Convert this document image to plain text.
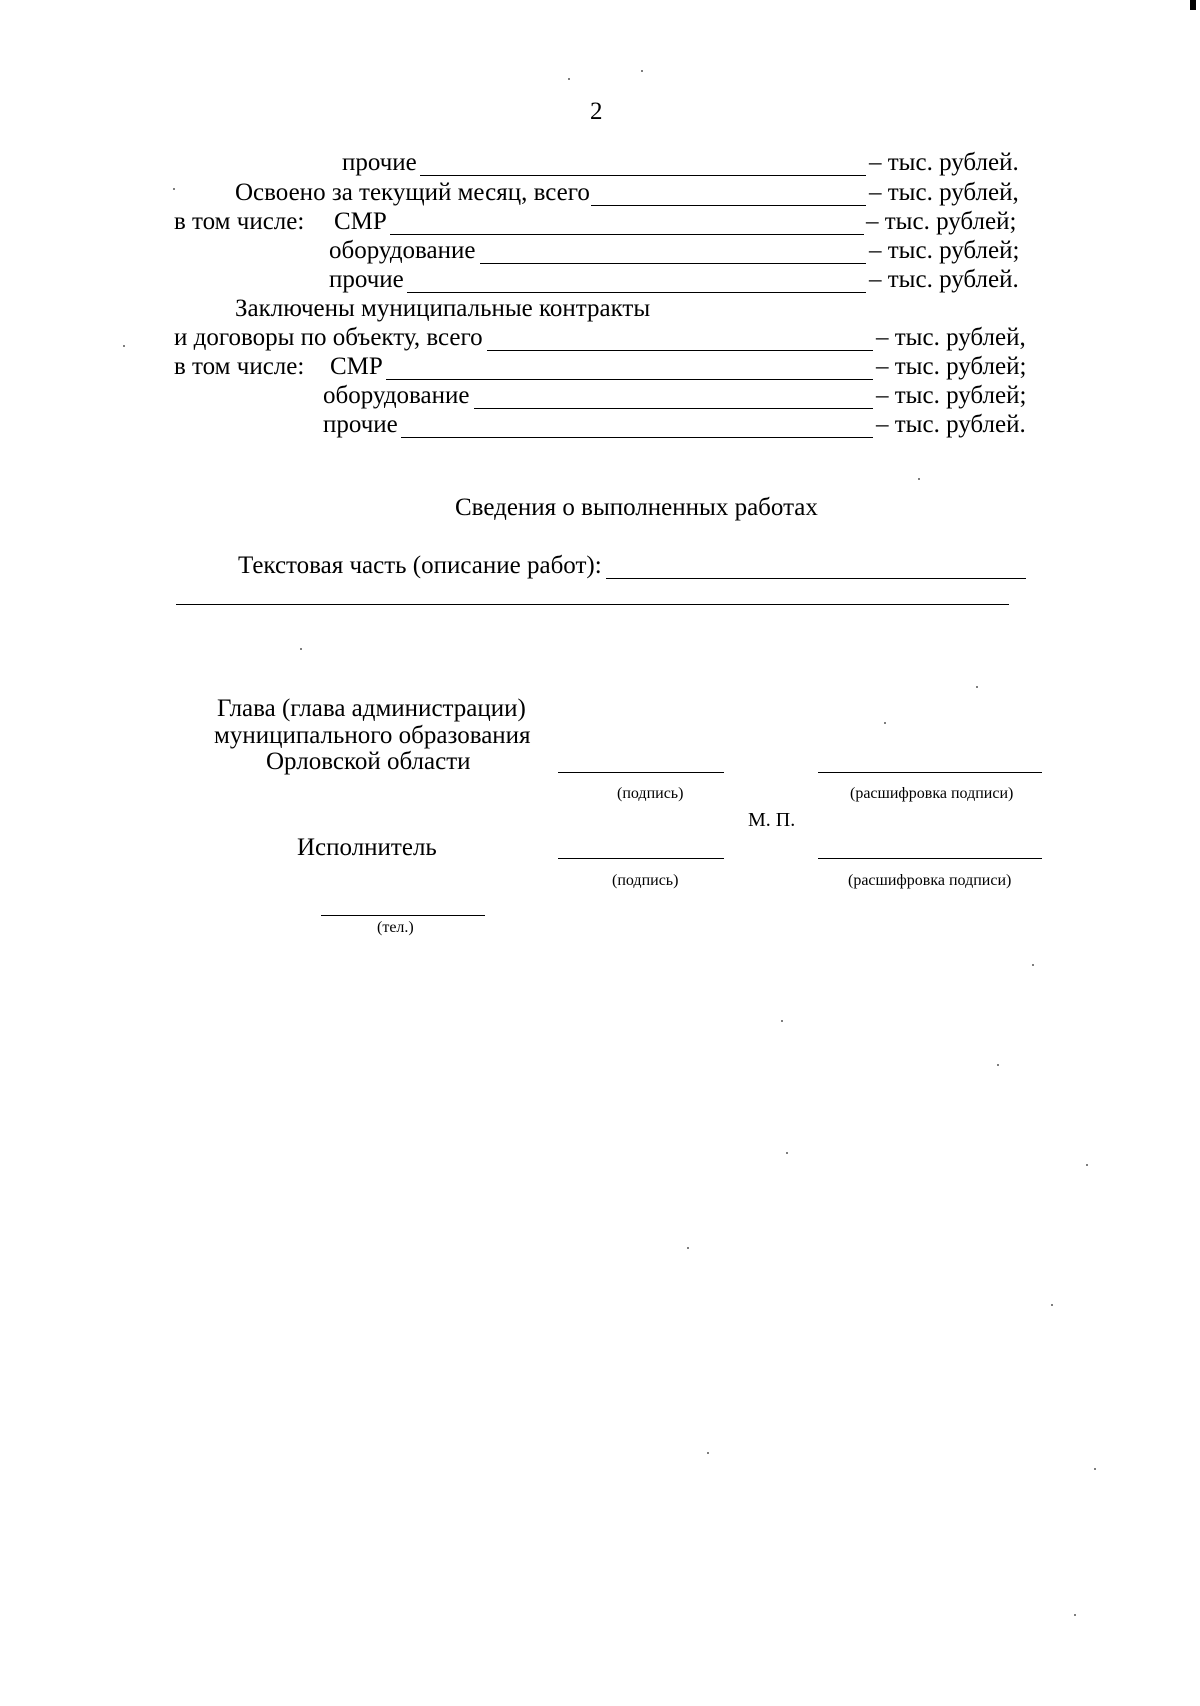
2
прочие	– тыс. рублей.
Освоено за текущий месяц, всего	– тыс. рублей,
в том числе: СМР	– тыс. рублей;
оборудование	– тыс. рублей;
прочие	– тыс. рублей.
Заключены муниципальные контракты
и договоры по объекту, всего	– тыс. рублей,
в том числе: СМР	– тыс. рублей;
оборудование	– тыс. рублей;
прочие	– тыс. рублей.
Сведения о выполненных работах
Текстовая часть (описание работ):
Глава (глава администрации)
муниципального образования
Орловской области
(подпись)	(расшифровка подписи)
М. П.
Исполнитель
(подпись)	(расшифровка подписи)
(тел.)
